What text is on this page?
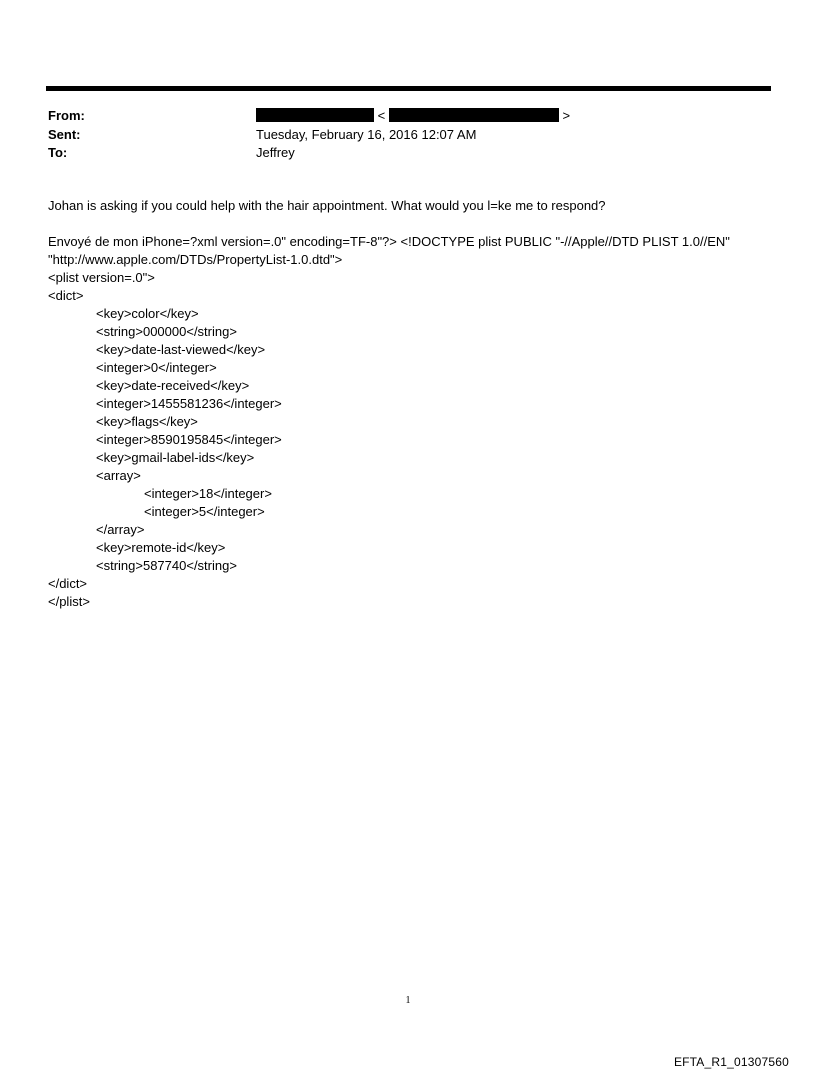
From:	<	>
Sent:	Tuesday, February 16, 2016 12:07 AM
To:	Jeffrey

Johan is asking if you could help with the hair appointment. What would you l=ke me to respond?

Envoyé de mon iPhone=?xml version=.0" encoding=TF-8"?> <!DOCTYPE plist PUBLIC "-//Apple//DTD PLIST 1.0//EN"
"http://www.apple.com/DTDs/PropertyList-1.0.dtd">
<plist version=.0">
<dict>
<key>color</key>
<string>000000</string>
<key>date-last-viewed</key>
<integer>0</integer>
<key>date-received</key>
<integer>1455581236</integer>
<key>flags</key>
<integer>8590195845</integer>
<key>gmail-label-ids</key>
<array>
<integer>18</integer>
<integer>5</integer>
</array>
<key>remote-id</key>
<string>587740</string>
</dict>
</plist>
1
EFTA_R1_01307560
